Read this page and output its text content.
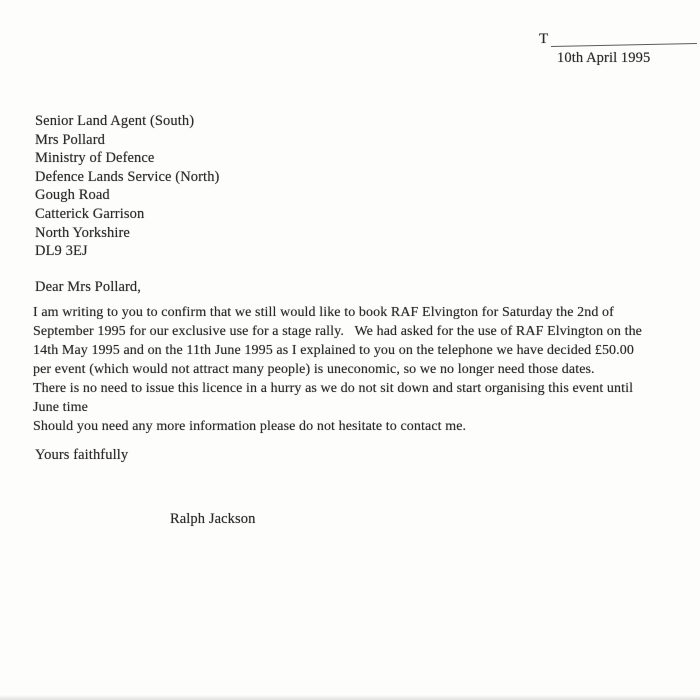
T
10th April 1995
Senior Land Agent (South)
Mrs Pollard
Ministry of Defence
Defence Lands Service (North)
Gough Road
Catterick Garrison
North Yorkshire
DL9 3EJ
Dear Mrs Pollard,
I am writing to you to confirm that we still would like to book RAF Elvington for Saturday the 2nd of
September 1995 for our exclusive use for a stage rally.   We had asked for the use of RAF Elvington on the
14th May 1995 and on the 11th June 1995 as I explained to you on the telephone we have decided £50.00
per event (which would not attract many people) is uneconomic, so we no longer need those dates.
There is no need to issue this licence in a hurry as we do not sit down and start organising this event until
June time
Should you need any more information please do not hesitate to contact me.
Yours faithfully
Ralph Jackson
